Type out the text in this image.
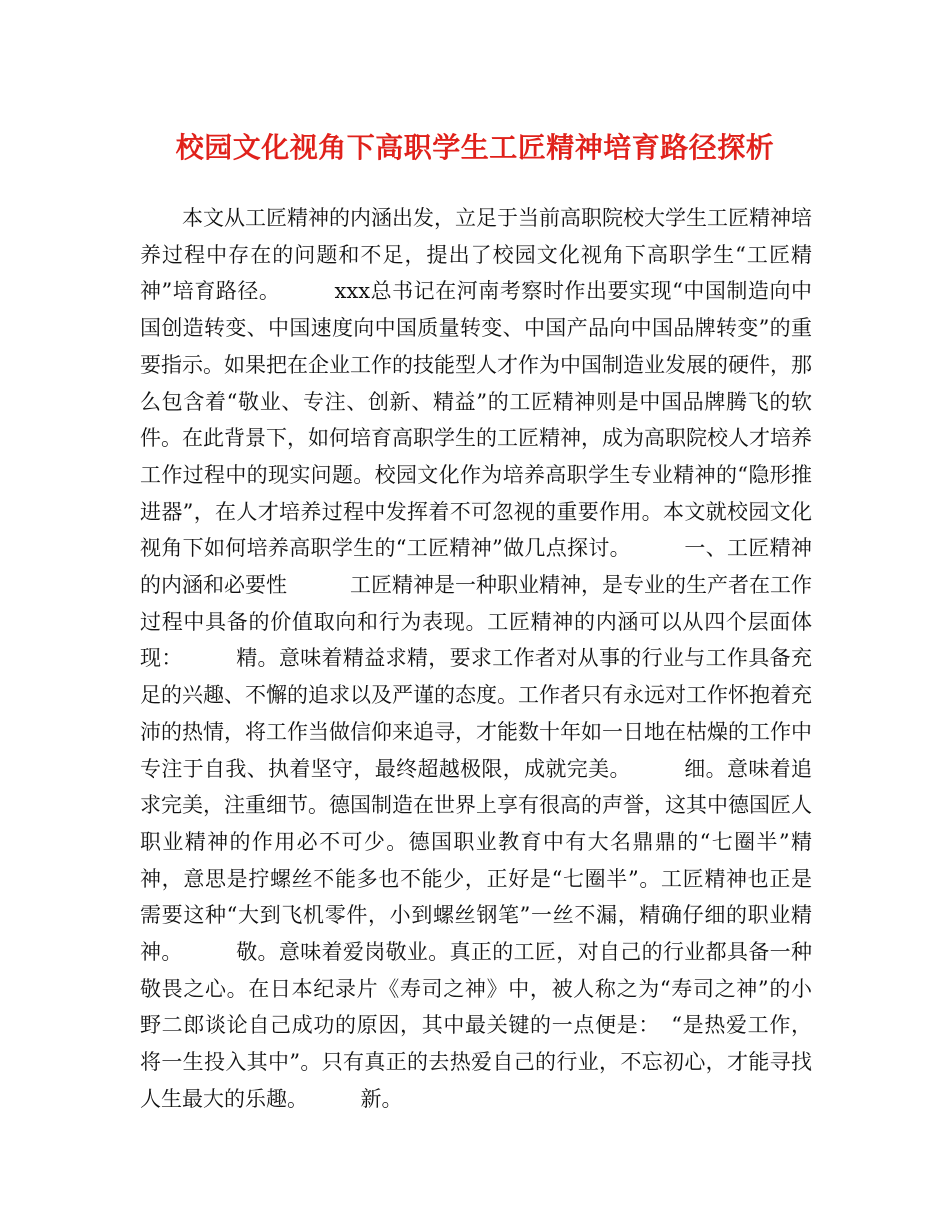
校园文化视角下高职学生工匠精神培育路径探析

本文从工匠精神的内涵出发，立足于当前高职院校大学生工匠精神培养过程中存在的问题和不足，提出了校园文化视角下高职学生“工匠精神”培育路径。　　　xxx总书记在河南考察时作出要实现“中国制造向中国创造转变、中国速度向中国质量转变、中国产品向中国品牌转变”的重要指示。如果把在企业工作的技能型人才作为中国制造业发展的硬件，那么包含着“敬业、专注、创新、精益”的工匠精神则是中国品牌腾飞的软件。在此背景下，如何培育高职学生的工匠精神，成为高职院校人才培养工作过程中的现实问题。校园文化作为培养高职学生专业精神的“隐形推进器”，在人才培养过程中发挥着不可忽视的重要作用。本文就校园文化视角下如何培养高职学生的“工匠精神”做几点探讨。　　　一、工匠精神的内涵和必要性　　　工匠精神是一种职业精神，是专业的生产者在工作过程中具备的价值取向和行为表现。工匠精神的内涵可以从四个层面体现：　　　精。意味着精益求精，要求工作者对从事的行业与工作具备充足的兴趣、不懈的追求以及严谨的态度。工作者只有永远对工作怀抱着充沛的热情，将工作当做信仰来追寻，才能数十年如一日地在枯燥的工作中专注于自我、执着坚守，最终超越极限，成就完美。　　　细。意味着追求完美，注重细节。德国制造在世界上享有很高的声誉，这其中德国匠人职业精神的作用必不可少。德国职业教育中有大名鼎鼎的“七圈半”精神，意思是拧螺丝不能多也不能少，正好是“七圈半”。工匠精神也正是需要这种“大到飞机零件，小到螺丝钢笔”一丝不漏，精确仔细的职业精神。　　　敬。意味着爱岗敬业。真正的工匠，对自己的行业都具备一种敬畏之心。在日本纪录片《寿司之神》中，被人称之为“寿司之神”的小野二郎谈论自己成功的原因，其中最关键的一点便是：　“是热爱工作，将一生投入其中”。只有真正的去热爱自己的行业，不忘初心，才能寻找人生最大的乐趣。　　　新。
